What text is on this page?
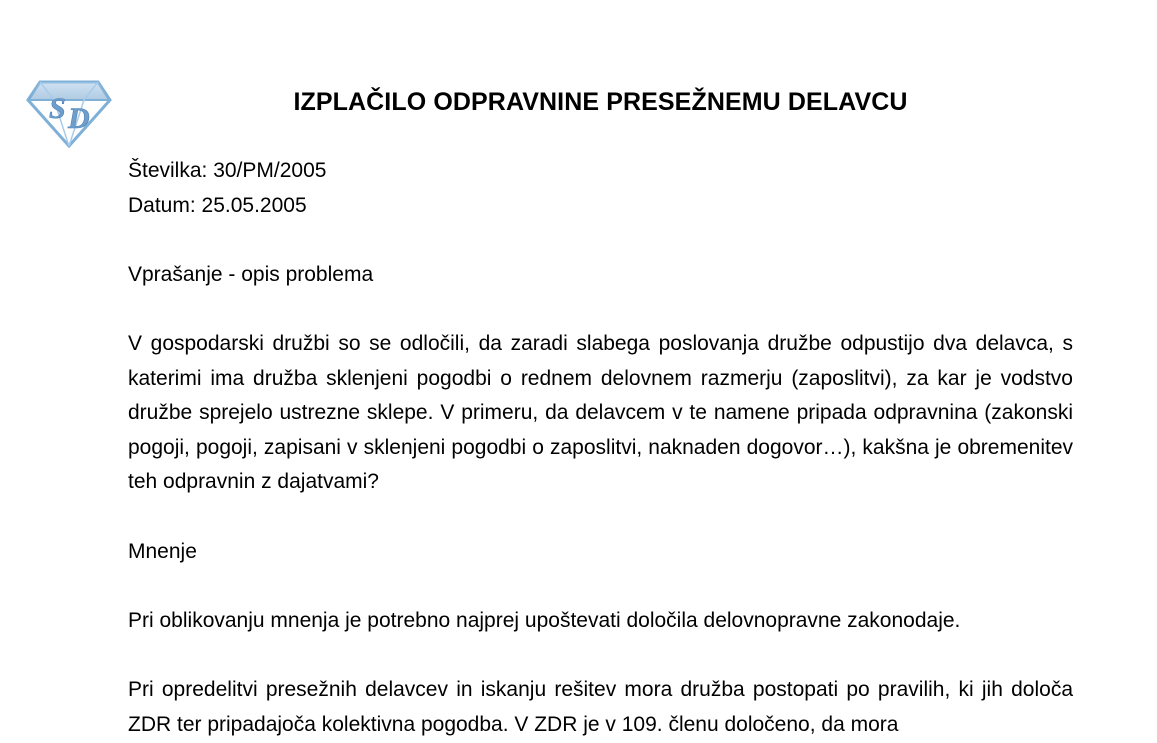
S D	IZPLAČILO ODPRAVNINE PRESEŽNEMU DELAVCU

Številka: 30/PM/2005

Datum: 25.05.2005

Vprašanje - opis problema

V gospodarski družbi so se odločili, da zaradi slabega poslovanja družbe odpustijo dva delavca, s katerimi ima družba sklenjeni pogodbi o rednem delovnem razmerju (zaposlitvi), za kar je vodstvo družbe sprejelo ustrezne sklepe. V primeru, da delavcem v te namene pripada odpravnina (zakonski pogoji, pogoji, zapisani v sklenjeni pogodbi o zaposlitvi, naknaden dogovor…), kakšna je obremenitev teh odpravnin z dajatvami?

Mnenje

Pri oblikovanju mnenja je potrebno najprej upoštevati določila delovnopravne zakonodaje.

Pri opredelitvi presežnih delavcev in iskanju rešitev mora družba postopati po pravilih, ki jih določa ZDR ter pripadajoča kolektivna pogodba. V ZDR je v 109. členu določeno, da mora
